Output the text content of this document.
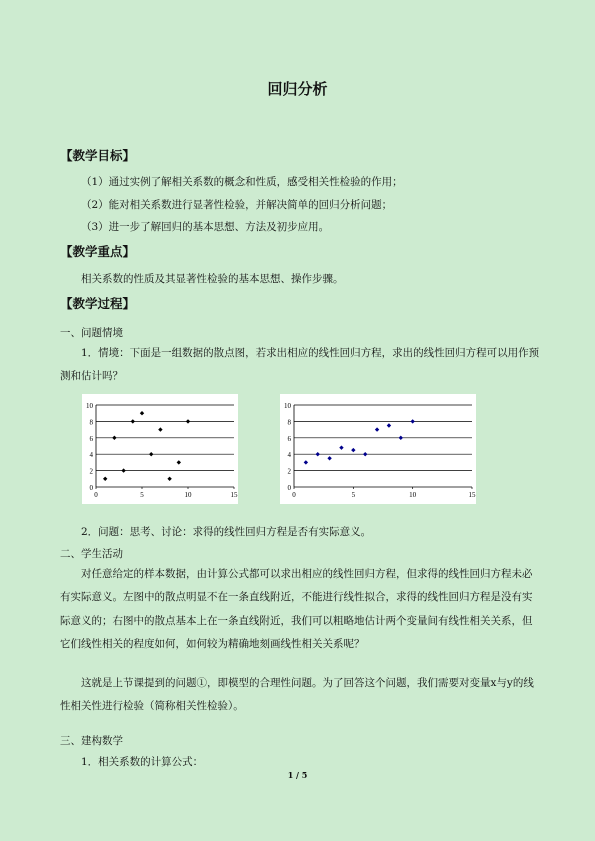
回归分析
【教学目标】
（1）通过实例了解相关系数的概念和性质，感受相关性检验的作用；
（2）能对相关系数进行显著性检验，并解决简单的回归分析问题；
（3）进一步了解回归的基本思想、方法及初步应用。
【教学重点】
相关系数的性质及其显著性检验的基本思想、操作步骤。
【教学过程】
一、问题情境
1．情境：下面是一组数据的散点图，若求出相应的线性回归方程，求出的线性回归方程可以用作预测和估计吗？
0
2
4
6
8
10
0	5	10	15
0
2
4
6
8
10
0	5	10	15
2．问题：思考、讨论：求得的线性回归方程是否有实际意义。
二、学生活动
对任意给定的样本数据，由计算公式都可以求出相应的线性回归方程，但求得的线性回归方程未必有实际意义。左图中的散点明显不在一条直线附近，不能进行线性拟合，求得的线性回归方程是没有实际意义的；右图中的散点基本上在一条直线附近，我们可以粗略地估计两个变量间有线性相关关系，但它们线性相关的程度如何，如何较为精确地刻画线性相关关系呢？
这就是上节课提到的问题①，即模型的合理性问题。为了回答这个问题，我们需要对变量x与y的线性相关性进行检验（简称相关性检验）。
三、建构数学
1．相关系数的计算公式：
1 / 5
